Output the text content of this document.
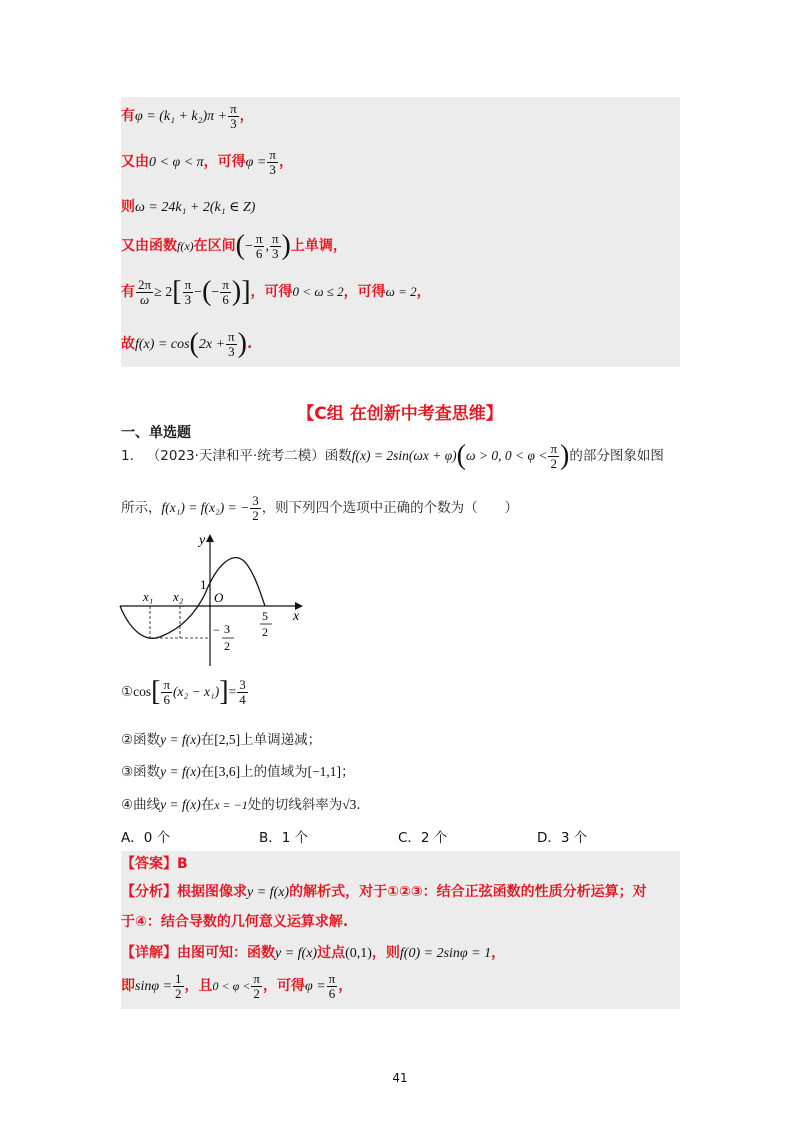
有$\varphi = (k_1 + k_2)\pi + \frac{\pi}{3}$ ，
又由0 < φ < π，可得$\varphi = \frac{\pi}{3}$ ，
则ω = 24k₁ + 2(k₁ ∈ Z)
又由函数f(x)在区间(− $\frac{\pi}{6}$ , $\frac{\pi}{3}$ )上单调，
有 $\frac{2\pi}{\omega} \ge 2[ \frac{\pi}{3}$ −(− $\frac{\pi}{6}$ )]，可得0 < ω ≤ 2，可得ω = 2，
故$f(x) = \cos(2x + \frac{\pi}{3}$ ).
【C组 在创新中考查思维】
一、单选题
1. （2023·天津和平·统考二模）函数f(x) = 2sin(ωx + φ)(ω > 0, $0 < \varphi < \frac{\pi}{2}$ )的部分图象如图
所示，f(x₁) = f(x₂) = − $\frac{3}{2}$ ，则下列四个选项中正确的个数为（　　）
y
x
1
O
x₁ x₂
5
2
− 3
2
①cos[ $\frac{\pi}{6} (x_2 - x_1)]= \frac{3}{4}$
②函数y = f(x)在[2,5]上单调递减；
③函数y = f(x)在[3,6]上的值域为[−1,1]；
④曲线y = f(x)在x = −1处的切线斜率为√3.
A．0 个	B．1 个	C．2 个	D．3 个
【答案】B
【分析】根据图像求y = f(x)的解析式，对于①②③：结合正弦函数的性质分析运算；对
于④：结合导数的几何意义运算求解.
【详解】由图可知：函数y = f(x)过点(0,1)，则f(0) = 2sinφ = 1，
即$\sin\varphi = \frac{1}{2}$ ，且$0 < \varphi < \frac{\pi}{2}$ ，可得$\varphi = \frac{\pi}{6}$ ，
41
